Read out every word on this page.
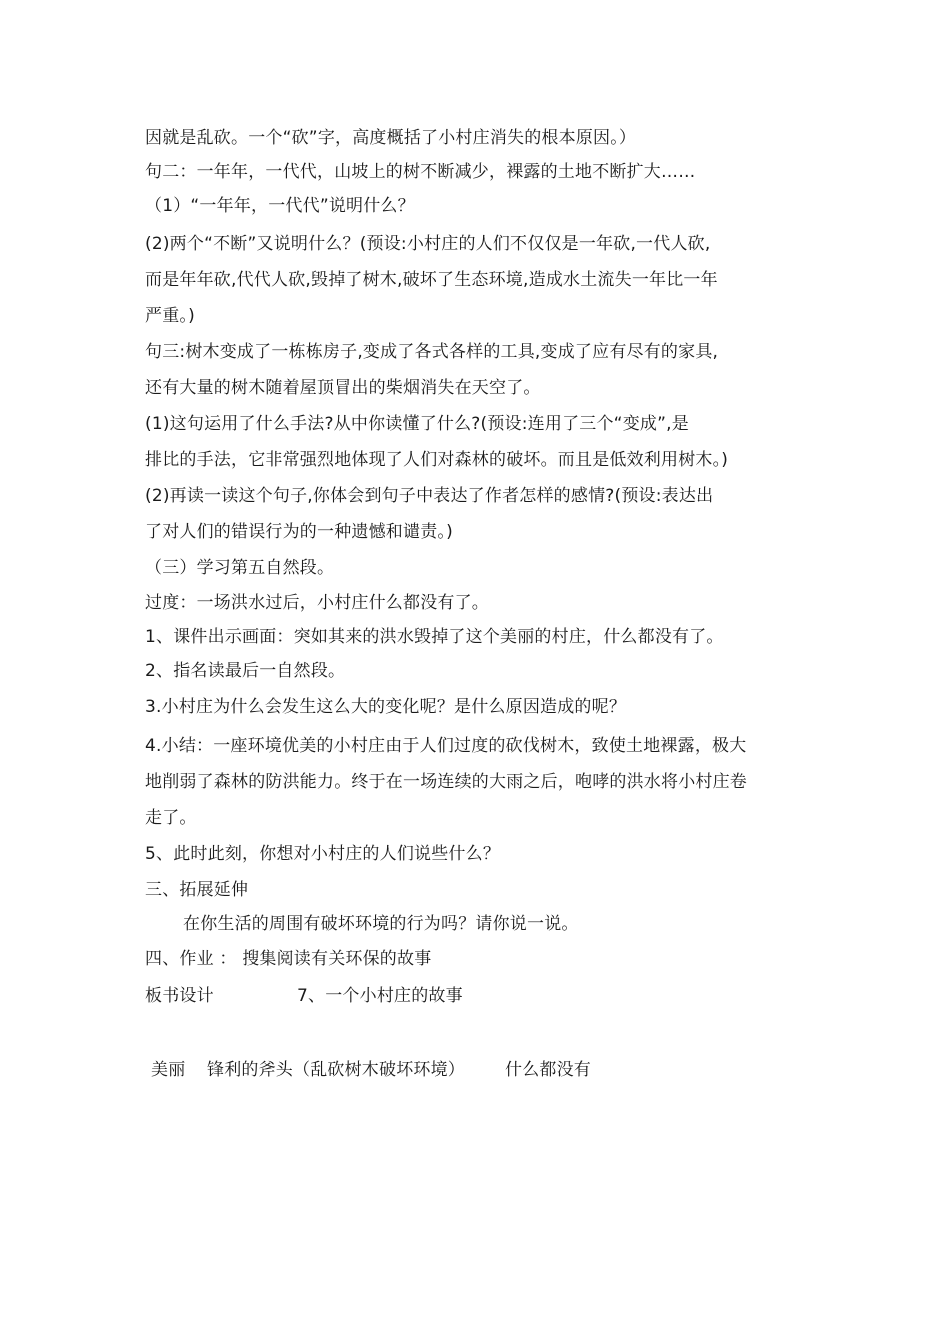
因就是乱砍。一个“砍”字，高度概括了小村庄消失的根本原因。）
句二：一年年，一代代，山坡上的树不断减少，裸露的土地不断扩大……
（1）“一年年，一代代”说明什么？
(2)两个“不断”又说明什么？(预设:小村庄的人们不仅仅是一年砍,一代人砍,
而是年年砍,代代人砍,毁掉了树木,破坏了生态环境,造成水土流失一年比一年
严重。)
句三:树木变成了一栋栋房子,变成了各式各样的工具,变成了应有尽有的家具,
还有大量的树木随着屋顶冒出的柴烟消失在天空了。
(1)这句运用了什么手法?从中你读懂了什么?(预设:连用了三个“变成”,是
排比的手法，它非常强烈地体现了人们对森林的破坏。而且是低效利用树木。)
(2)再读一读这个句子,你体会到句子中表达了作者怎样的感情?(预设:表达出
了对人们的错误行为的一种遗憾和谴责。)
（三）学习第五自然段。
过度：一场洪水过后，小村庄什么都没有了。
1、课件出示画面：突如其来的洪水毁掉了这个美丽的村庄，什么都没有了。
2、指名读最后一自然段。
3.小村庄为什么会发生这么大的变化呢？是什么原因造成的呢？
4.小结：一座环境优美的小村庄由于人们过度的砍伐树木，致使土地裸露，极大
地削弱了森林的防洪能力。终于在一场连续的大雨之后，咆哮的洪水将小村庄卷
走了。
5、此时此刻，你想对小村庄的人们说些什么？
三、拓展延伸
在你生活的周围有破坏环境的行为吗？请你说一说。
四、作业 ： 搜集阅读有关环保的故事
板书设计	7、一个小村庄的故事
美丽 锋利的斧头（乱砍树木破坏环境） 什么都没有
